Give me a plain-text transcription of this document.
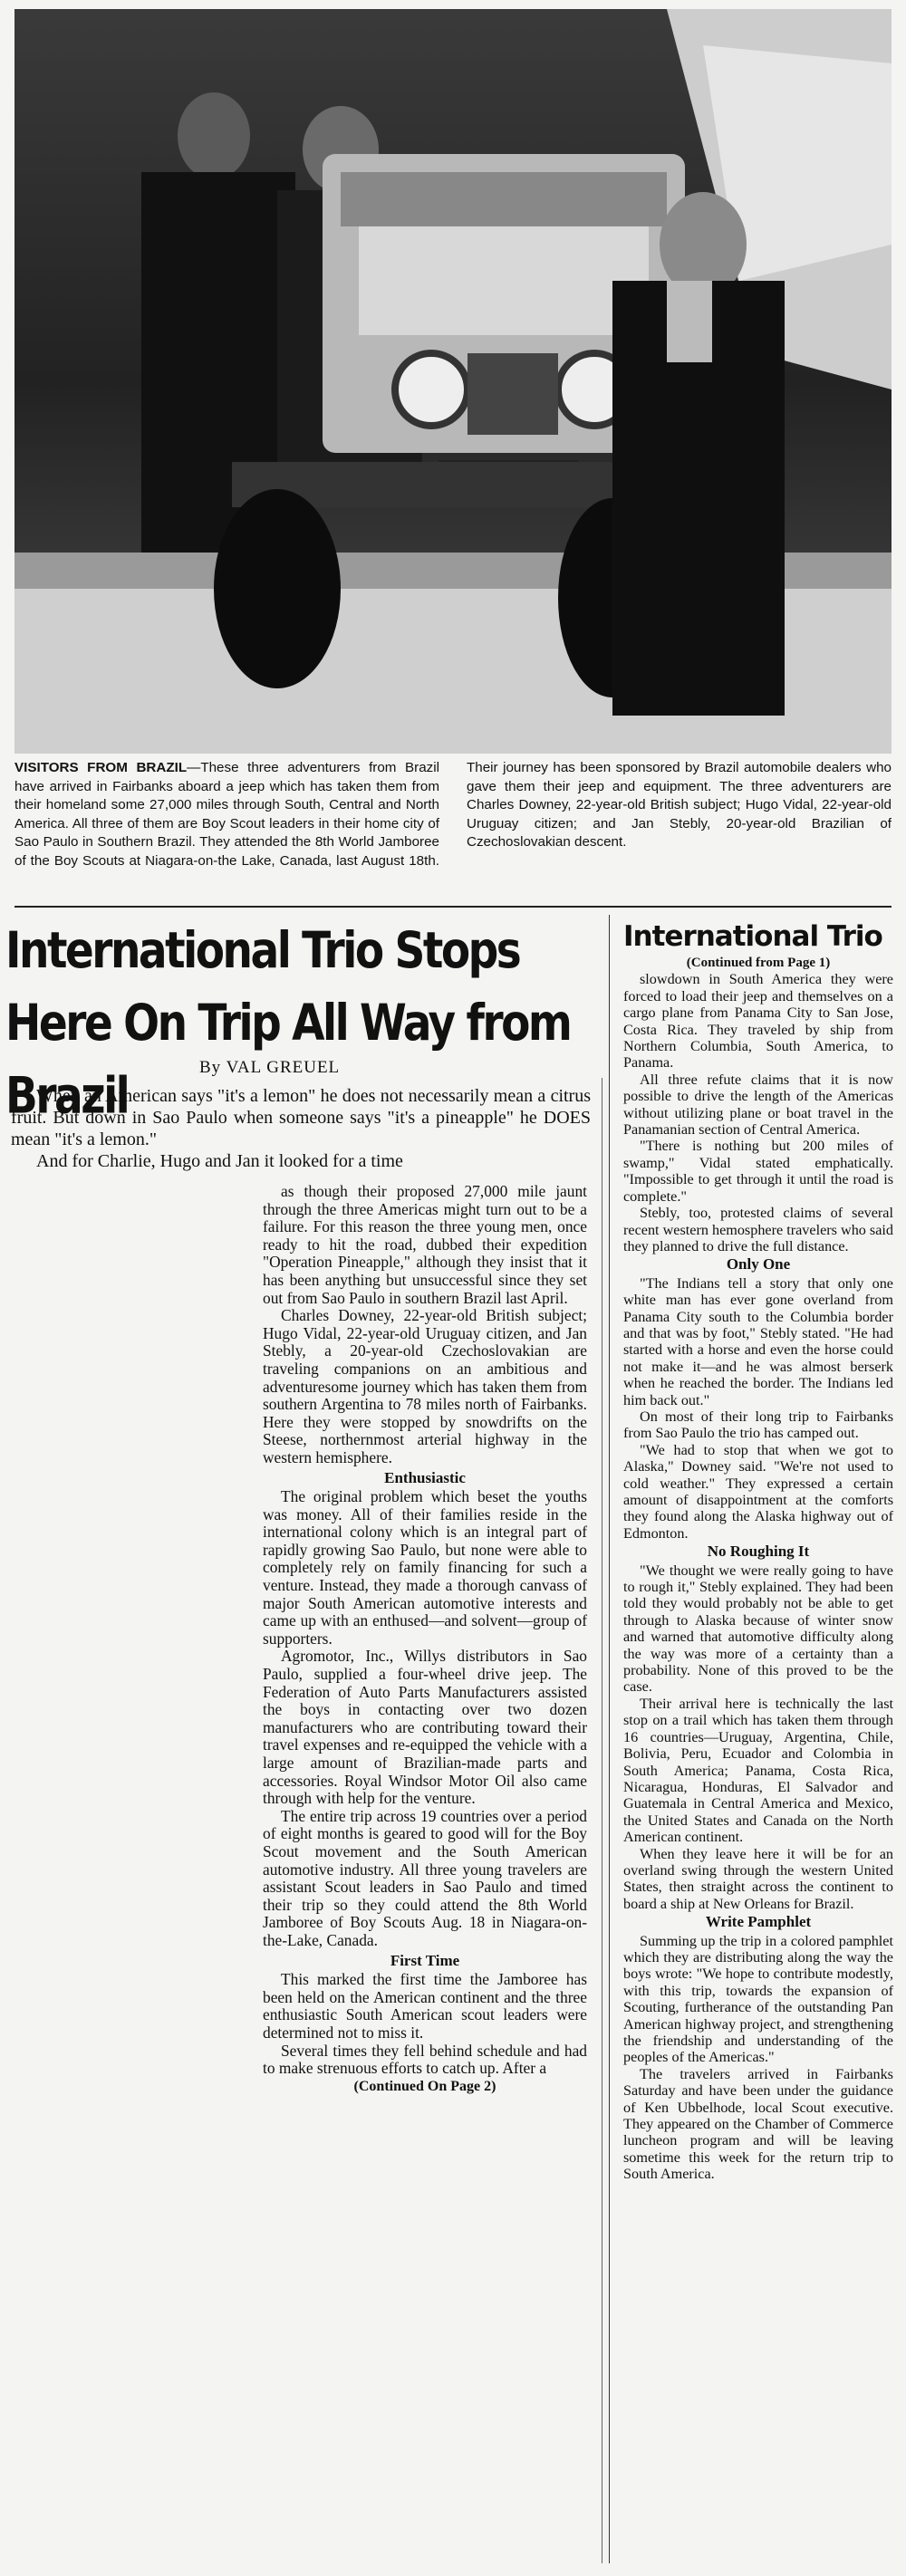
VISITORS FROM BRAZIL—These three adventurers from Brazil have arrived in Fairbanks aboard a jeep which has taken them from their homeland some 27,000 miles through South, Central and North America. All three of them are Boy Scout leaders in their home city of Sao Paulo in Southern Brazil. They attended the 8th World Jamboree of the Boy Scouts at Niagara-on-the Lake, Canada, last August 18th. Their journey has been sponsored by Brazil automobile dealers who gave them their jeep and equipment. The three adventurers are Charles Downey, 22-year-old British subject; Hugo Vidal, 22-year-old Uruguay citizen; and Jan Stebly, 20-year-old Brazilian of Czechoslovakian descent.
International Trio Stops Here On Trip All Way from Brazil	By VAL GREUEL

When an American says "it's a lemon" he does not necessarily mean a citrus fruit. But down in Sao Paulo when someone says "it's a pineapple" he DOES mean "it's a lemon."

And for Charlie, Hugo and Jan it looked for a time

as though their proposed 27,000 mile jaunt through the three Americas might turn out to be a failure. For this reason the three young men, once ready to hit the road, dubbed their expedition "Operation Pineapple," although they insist that it has been anything but unsuccessful since they set out from Sao Paulo in southern Brazil last April.

Charles Downey, 22-year-old British subject; Hugo Vidal, 22-year-old Uruguay citizen, and Jan Stebly, a 20-year-old Czechoslovakian are traveling companions on an ambitious and adventuresome journey which has taken them from southern Argentina to 78 miles north of Fairbanks. Here they were stopped by snowdrifts on the Steese, northernmost arterial highway in the western hemisphere.

Enthusiastic

The original problem which beset the youths was money. All of their families reside in the international colony which is an integral part of rapidly growing Sao Paulo, but none were able to completely rely on family financing for such a venture. Instead, they made a thorough canvass of major South American automotive interests and came up with an enthused—and solvent—group of supporters.

Agromotor, Inc., Willys distributors in Sao Paulo, supplied a four-wheel drive jeep. The Federation of Auto Parts Manufacturers assisted the boys in contacting over two dozen manufacturers who are contributing toward their travel expenses and re-equipped the vehicle with a large amount of Brazilian-made parts and accessories. Royal Windsor Motor Oil also came through with help for the venture.

The entire trip across 19 countries over a period of eight months is geared to good will for the Boy Scout movement and the South American automotive industry. All three young travelers are assistant Scout leaders in Sao Paulo and timed their trip so they could attend the 8th World Jamboree of Boy Scouts Aug. 18 in Niagara-on-the-Lake, Canada.

First Time

This marked the first time the Jamboree has been held on the American continent and the three enthusiastic South American scout leaders were determined not to miss it.

Several times they fell behind schedule and had to make strenuous efforts to catch up. After a

(Continued On Page 2)
International Trio
(Continued from Page 1)

slowdown in South America they were forced to load their jeep and themselves on a cargo plane from Panama City to San Jose, Costa Rica. They traveled by ship from Northern Columbia, South America, to Panama.

All three refute claims that it is now possible to drive the length of the Americas without utilizing plane or boat travel in the Panamanian section of Central America.

"There is nothing but 200 miles of swamp," Vidal stated emphatically. "Impossible to get through it until the road is complete."

Stebly, too, protested claims of several recent western hemosphere travelers who said they planned to drive the full distance.

Only One

"The Indians tell a story that only one white man has ever gone overland from Panama City south to the Columbia border and that was by foot," Stebly stated. "He had started with a horse and even the horse could not make it—and he was almost berserk when he reached the border. The Indians led him back out."

On most of their long trip to Fairbanks from Sao Paulo the trio has camped out.

"We had to stop that when we got to Alaska," Downey said. "We're not used to cold weather." They expressed a certain amount of disappointment at the comforts they found along the Alaska highway out of Edmonton.

No Roughing It

"We thought we were really going to have to rough it," Stebly explained. They had been told they would probably not be able to get through to Alaska because of winter snow and warned that automotive difficulty along the way was more of a certainty than a probability. None of this proved to be the case.

Their arrival here is technically the last stop on a trail which has taken them through 16 countries—Uruguay, Argentina, Chile, Bolivia, Peru, Ecuador and Colombia in South America; Panama, Costa Rica, Nicaragua, Honduras, El Salvador and Guatemala in Central America and Mexico, the United States and Canada on the North American continent.

When they leave here it will be for an overland swing through the western United States, then straight across the continent to board a ship at New Orleans for Brazil.

Write Pamphlet

Summing up the trip in a colored pamphlet which they are distributing along the way the boys wrote: "We hope to contribute modestly, with this trip, towards the expansion of Scouting, furtherance of the outstanding Pan American highway project, and strengthening the friendship and understanding of the peoples of the Americas."

The travelers arrived in Fairbanks Saturday and have been under the guidance of Ken Ubbelhode, local Scout executive. They appeared on the Chamber of Commerce luncheon program and will be leaving sometime this week for the return trip to South America.
